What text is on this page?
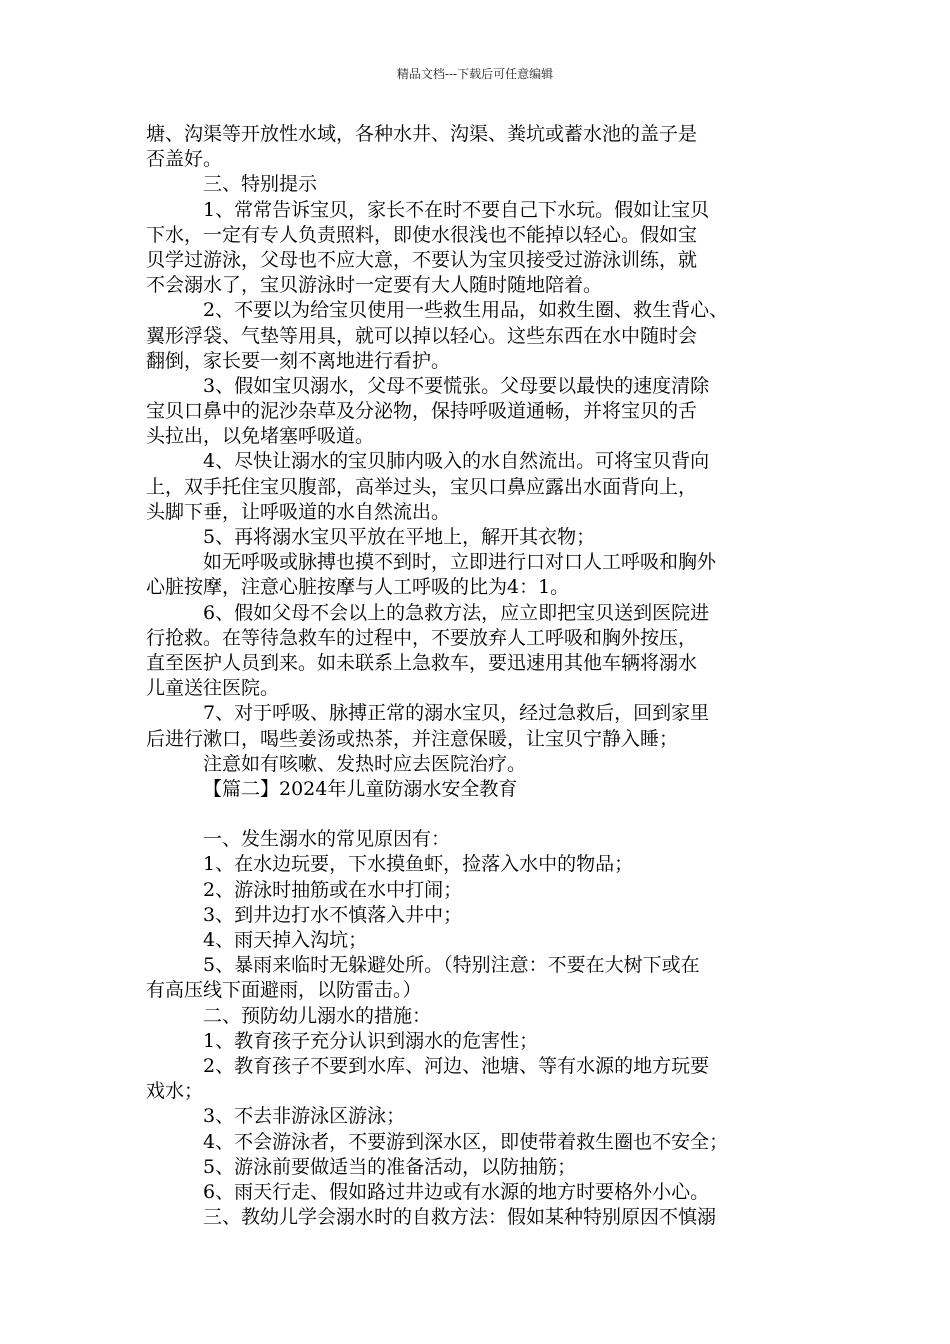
精品文档---下载后可任意编辑
塘、沟渠等开放性水域，各种水井、沟渠、粪坑或蓄水池的盖子是
否盖好。
三、特别提示
1、常常告诉宝贝，家长不在时不要自己下水玩。假如让宝贝
下水，一定有专人负责照料，即使水很浅也不能掉以轻心。假如宝
贝学过游泳，父母也不应大意，不要认为宝贝接受过游泳训练，就
不会溺水了，宝贝游泳时一定要有大人随时随地陪着。
2、不要以为给宝贝使用一些救生用品，如救生圈、救生背心、
翼形浮袋、气垫等用具，就可以掉以轻心。这些东西在水中随时会
翻倒，家长要一刻不离地进行看护。
3、假如宝贝溺水，父母不要慌张。父母要以最快的速度清除
宝贝口鼻中的泥沙杂草及分泌物，保持呼吸道通畅，并将宝贝的舌
头拉出，以免堵塞呼吸道。
4、尽快让溺水的宝贝肺内吸入的水自然流出。可将宝贝背向
上，双手托住宝贝腹部，高举过头，宝贝口鼻应露出水面背向上，
头脚下垂，让呼吸道的水自然流出。
5、再将溺水宝贝平放在平地上，解开其衣物；
如无呼吸或脉搏也摸不到时，立即进行口对口人工呼吸和胸外
心脏按摩，注意心脏按摩与人工呼吸的比为4：1。
6、假如父母不会以上的急救方法，应立即把宝贝送到医院进
行抢救。在等待急救车的过程中，不要放弃人工呼吸和胸外按压，
直至医护人员到来。如未联系上急救车，要迅速用其他车辆将溺水
儿童送往医院。
7、对于呼吸、脉搏正常的溺水宝贝，经过急救后，回到家里
后进行漱口，喝些姜汤或热茶，并注意保暖，让宝贝宁静入睡；
注意如有咳嗽、发热时应去医院治疗。
【篇二】2024年儿童防溺水安全教育
一、发生溺水的常见原因有：
1、在水边玩要，下水摸鱼虾，捡落入水中的物品；
2、游泳时抽筋或在水中打闹；
3、到井边打水不慎落入井中；
4、雨天掉入沟坑；
5、暴雨来临时无躲避处所。（特别注意：不要在大树下或在
有高压线下面避雨，以防雷击。）
二、预防幼儿溺水的措施：
1、教育孩子充分认识到溺水的危害性；
2、教育孩子不要到水库、河边、池塘、等有水源的地方玩要
戏水；
3、不去非游泳区游泳；
4、不会游泳者，不要游到深水区，即使带着救生圈也不安全；
5、游泳前要做适当的准备活动，以防抽筋；
6、雨天行走、假如路过井边或有水源的地方时要格外小心。
三、教幼儿学会溺水时的自救方法：假如某种特别原因不慎溺
